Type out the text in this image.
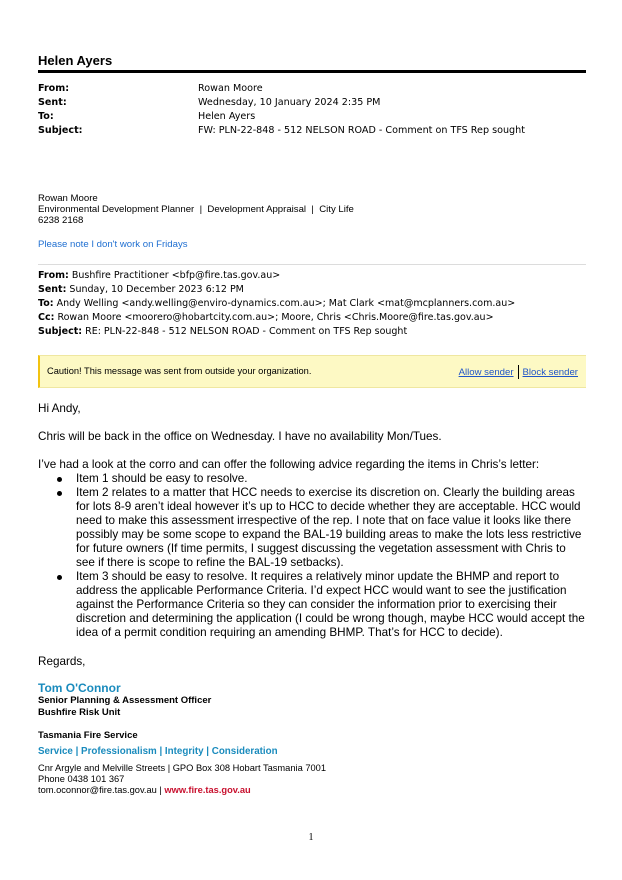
Helen Ayers
From:	Rowan Moore
Sent:	Wednesday, 10 January 2024 2:35 PM
To:	Helen Ayers
Subject:	FW: PLN-22-848 - 512 NELSON ROAD - Comment on TFS Rep sought
Rowan Moore
Environmental Development Planner  |  Development Appraisal  |  City Life
6238 2168
Please note I don't work on Fridays
From: Bushfire Practitioner <bfp@fire.tas.gov.au>
Sent: Sunday, 10 December 2023 6:12 PM
To: Andy Welling <andy.welling@enviro-dynamics.com.au>; Mat Clark <mat@mcplanners.com.au>
Cc: Rowan Moore <moorero@hobartcity.com.au>; Moore, Chris <Chris.Moore@fire.tas.gov.au>
Subject: RE: PLN-22-848 - 512 NELSON ROAD - Comment on TFS Rep sought
Caution! This message was sent from outside your organization.	Allow sender Block sender

Hi Andy,

Chris will be back in the office on Wednesday. I have no availability Mon/Tues.

I’ve had a look at the corro and can offer the following advice regarding the items in Chris’s letter:

Item 1 should be easy to resolve.
Item 2 relates to a matter that HCC needs to exercise its discretion on. Clearly the building areas for lots 8-9 aren’t ideal however it’s up to HCC to decide whether they are acceptable. HCC would need to make this assessment irrespective of the rep. I note that on face value it looks like there possibly may be some scope to expand the BAL-19 building areas to make the lots less restrictive for future owners (If time permits, I suggest discussing the vegetation assessment with Chris to see if there is scope to refine the BAL-19 setbacks).
Item 3 should be easy to resolve. It requires a relatively minor update the BHMP and report to address the applicable Performance Criteria. I’d expect HCC would want to see the justification against the Performance Criteria so they can consider the information prior to exercising their discretion and determining the application (I could be wrong though, maybe HCC would accept the idea of a permit condition requiring an amending BHMP. That’s for HCC to decide).

Regards,

Tom O'Connor
Senior Planning & Assessment Officer
Bushfire Risk Unit
Tasmania Fire Service
Service | Professionalism | Integrity | Consideration
Cnr Argyle and Melville Streets | GPO Box 308 Hobart Tasmania 7001
Phone 0438 101 367
tom.oconnor@fire.tas.gov.au | www.fire.tas.gov.au
1
